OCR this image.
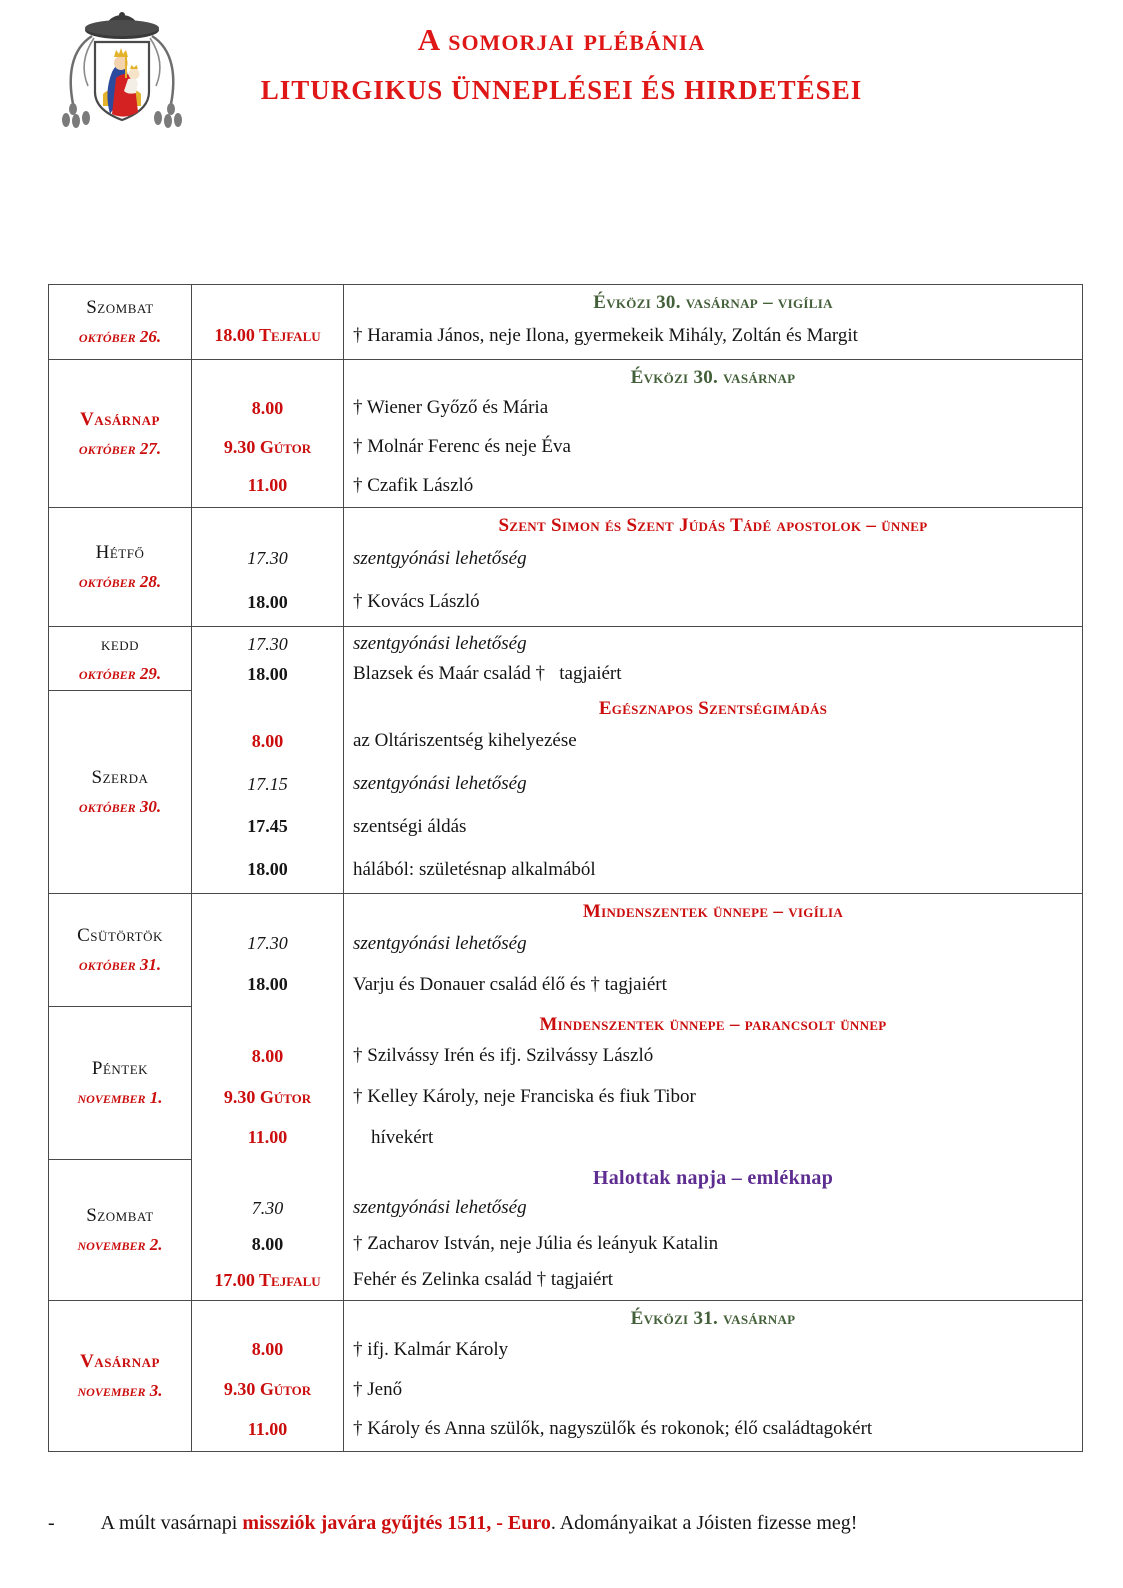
A somorjai plébánia
LITURGIKUS ÜNNEPLÉSEI ÉS HIRDETÉSEI
Szombat
október 26.
Évközi 30. vasárnap – vigília
18.00 Tejfalu	† Haramia János, neje Ilona, gyermekeik Mihály, Zoltán és Margit
Vasárnap
október 27.
Évközi 30. vasárnap
8.00	† Wiener Győző és Mária
9.30 Gútor	† Molnár Ferenc és neje Éva
11.00	† Czafik László
Hétfő
október 28.
Szent Simon és Szent Júdás Tádé apostolok – ünnep
17.30	szentgyónási lehetőség
18.00	† Kovács László
kedd
október 29.
17.30	szentgyónási lehetőség
18.00	Blazsek és Maár család †   tagjaiért
Szerda
október 30.
Egésznapos Szentségimádás
8.00	az Oltáriszentség kihelyezése
17.15	szentgyónási lehetőség
17.45	szentségi áldás
18.00	hálából: születésnap alkalmából
Csütörtök
október 31.
Mindenszentek ünnepe – vigília
17.30	szentgyónási lehetőség
18.00	Varju és Donauer család élő és † tagjaiért
Péntek
november 1.
Mindenszentek ünnepe – parancsolt ünnep
8.00	† Szilvássy Irén és ifj. Szilvássy László
9.30 Gútor	† Kelley Károly, neje Franciska és fiuk Tibor
11.00	hívekért
Szombat
november 2.
Halottak napja – emléknap
7.30	szentgyónási lehetőség
8.00	† Zacharov István, neje Júlia és leányuk Katalin
17.00 Tejfalu	Fehér és Zelinka család † tagjaiért
Vasárnap
november 3.
Évközi 31. vasárnap
8.00	† ifj. Kalmár Károly
9.30 Gútor	† Jenő
11.00	† Károly és Anna szülők, nagyszülők és rokonok; élő családtagokért
- A múlt vasárnapi missziók javára gyűjtés 1511, - Euro. Adományaikat a Jóisten fizesse meg!
